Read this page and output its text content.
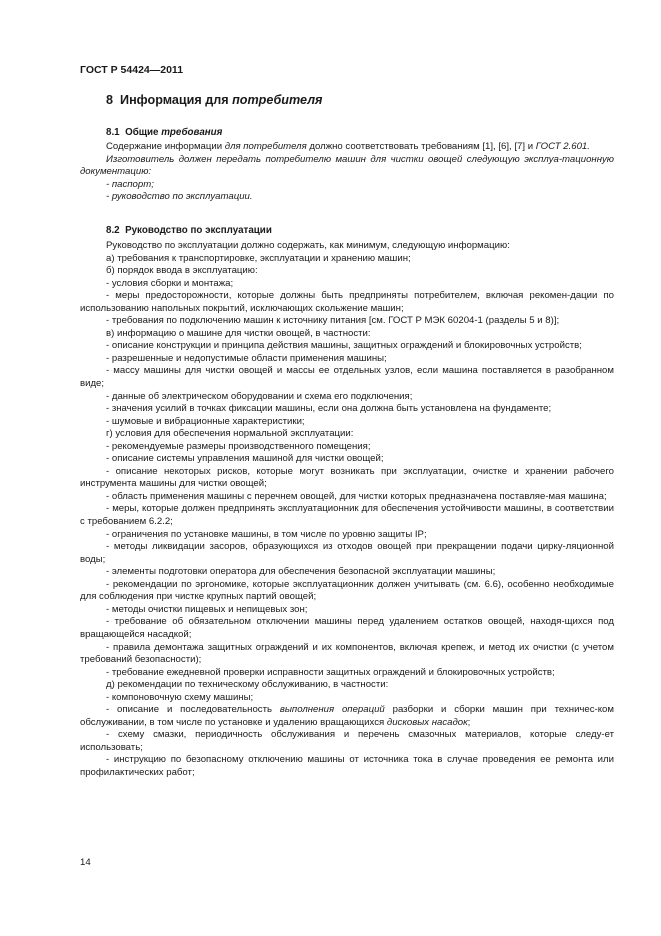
ГОСТ Р 54424—2011
8 Информация для потребителя
8.1 Общие требования

Содержание информации для потребителя должно соответствовать требованиям [1], [6], [7] и ГОСТ 2.601.

Изготовитель должен передать потребителю машин для чистки овощей следующую эксплуа-тационную документацию:

- паспорт;

- руководство по эксплуатации.

8.2 Руководство по эксплуатации

Руководство по эксплуатации должно содержать, как минимум, следующую информацию:

а) требования к транспортировке, эксплуатации и хранению машин;

б) порядок ввода в эксплуатацию:

- условия сборки и монтажа;

- меры предосторожности, которые должны быть предприняты потребителем, включая рекомен-дации по использованию напольных покрытий, исключающих скольжение машин;

- требования по подключению машин к источнику питания [см. ГОСТ Р МЭК 60204-1 (разделы 5 и 8)];

в) информацию о машине для чистки овощей, в частности:

- описание конструкции и принципа действия машины, защитных ограждений и блокировочных устройств;

- разрешенные и недопустимые области применения машины;

- массу машины для чистки овощей и массы ее отдельных узлов, если машина поставляется в разобранном виде;

- данные об электрическом оборудовании и схема его подключения;

- значения усилий в точках фиксации машины, если она должна быть установлена на фундаменте;

- шумовые и вибрационные характеристики;

г) условия для обеспечения нормальной эксплуатации:

- рекомендуемые размеры производственного помещения;

- описание системы управления машиной для чистки овощей;

- описание некоторых рисков, которые могут возникать при эксплуатации, очистке и хранении рабочего инструмента машины для чистки овощей;

- область применения машины с перечнем овощей, для чистки которых предназначена поставляе-мая машина;

- меры, которые должен предпринять эксплуатационник для обеспечения устойчивости машины, в соответствии с требованием 6.2.2;

- ограничения по установке машины, в том числе по уровню защиты IP;

- методы ликвидации засоров, образующихся из отходов овощей при прекращении подачи цирку-ляционной воды;

- элементы подготовки оператора для обеспечения безопасной эксплуатации машины;

- рекомендации по эргономике, которые эксплуатационник должен учитывать (см. 6.6), особенно необходимые для соблюдения при чистке крупных партий овощей;

- методы очистки пищевых и непищевых зон;

- требование об обязательном отключении машины перед удалением остатков овощей, находя-щихся под вращающейся насадкой;

- правила демонтажа защитных ограждений и их компонентов, включая крепеж, и метод их очистки (с учетом требований безопасности);

- требование ежедневной проверки исправности защитных ограждений и блокировочных устройств;

д) рекомендации по техническому обслуживанию, в частности:

- компоновочную схему машины;

- описание и последовательность выполнения операций разборки и сборки машин при техничес-ком обслуживании, в том числе по установке и удалению вращающихся дисковых насадок;

- схему смазки, периодичность обслуживания и перечень смазочных материалов, которые следу-ет использовать;

- инструкцию по безопасному отключению машины от источника тока в случае проведения ее ремонта или профилактических работ;

14
